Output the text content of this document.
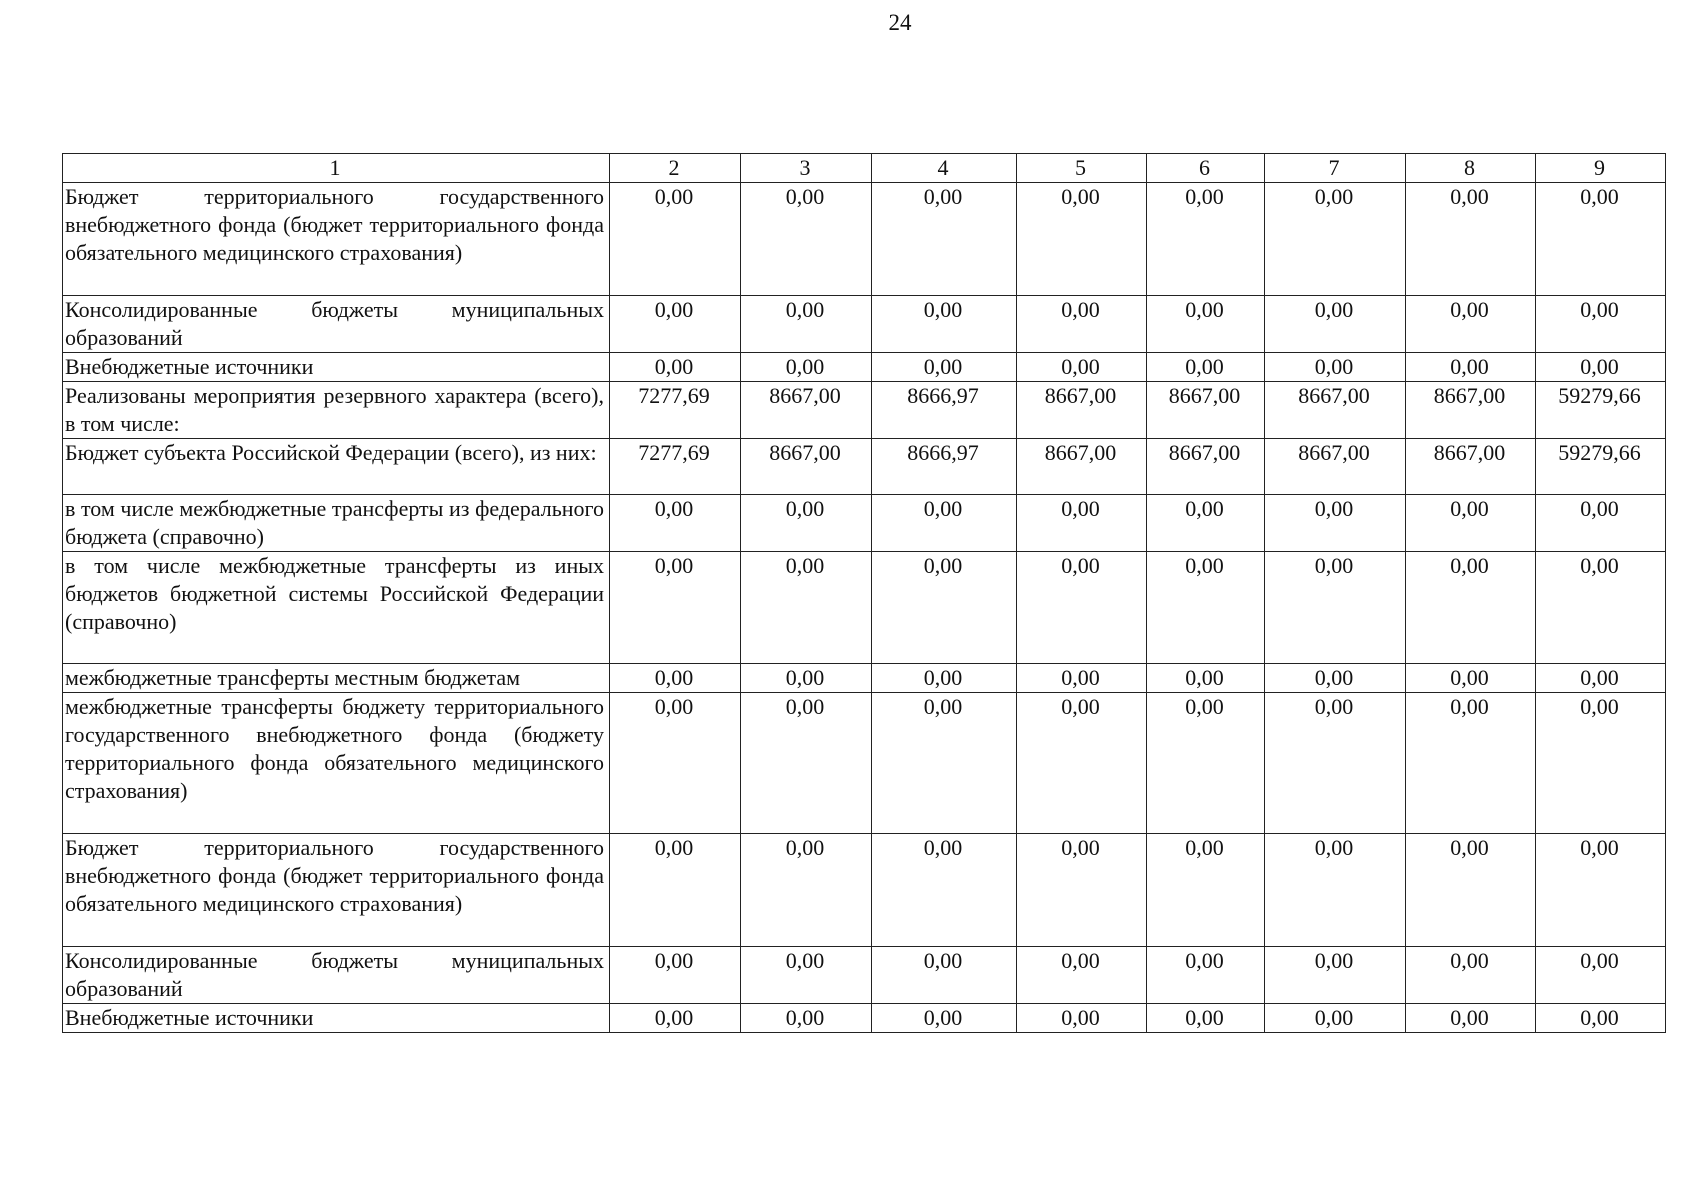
24
1	2	3	4	5	6	7	8	9
Бюджет территориального государственного внебюджетного фонда (бюджет территориального фонда обязательного медицинского страхования)	0,00	0,00	0,00	0,00	0,00	0,00	0,00	0,00
Консолидированные бюджеты муниципальных образований	0,00	0,00	0,00	0,00	0,00	0,00	0,00	0,00
Внебюджетные источники	0,00	0,00	0,00	0,00	0,00	0,00	0,00	0,00
Реализованы мероприятия резервного характера (всего), в том числе:	7277,69	8667,00	8666,97	8667,00	8667,00	8667,00	8667,00	59279,66
Бюджет субъекта Российской Федерации (всего), из них:	7277,69	8667,00	8666,97	8667,00	8667,00	8667,00	8667,00	59279,66
в том числе межбюджетные трансферты из федерального бюджета (справочно)	0,00	0,00	0,00	0,00	0,00	0,00	0,00	0,00
в том числе межбюджетные трансферты из иных бюджетов бюджетной системы Российской Федерации (справочно)	0,00	0,00	0,00	0,00	0,00	0,00	0,00	0,00
межбюджетные трансферты местным бюджетам	0,00	0,00	0,00	0,00	0,00	0,00	0,00	0,00
межбюджетные трансферты бюджету территориального государственного внебюджетного фонда (бюджету территориального фонда обязательного медицинского страхования)	0,00	0,00	0,00	0,00	0,00	0,00	0,00	0,00
Бюджет территориального государственного внебюджетного фонда (бюджет территориального фонда обязательного медицинского страхования)	0,00	0,00	0,00	0,00	0,00	0,00	0,00	0,00
Консолидированные бюджеты муниципальных образований	0,00	0,00	0,00	0,00	0,00	0,00	0,00	0,00
Внебюджетные источники	0,00	0,00	0,00	0,00	0,00	0,00	0,00	0,00
